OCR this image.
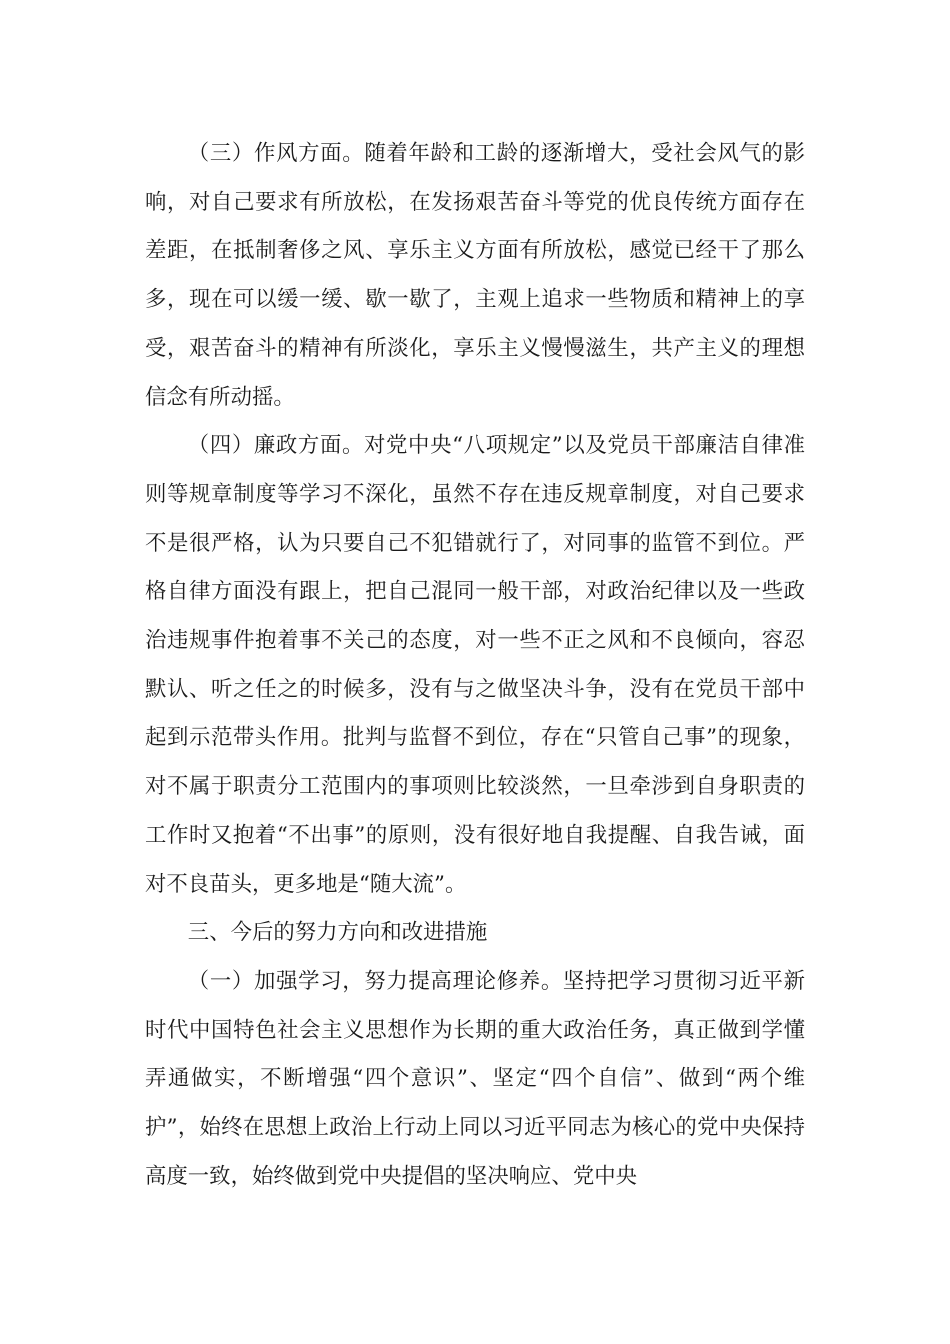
（三）作风方面。随着年龄和工龄的逐渐增大，受社会风气的影响，对自己要求有所放松，在发扬艰苦奋斗等党的优良传统方面存在差距，在抵制奢侈之风、享乐主义方面有所放松，感觉已经干了那么多，现在可以缓一缓、歇一歇了，主观上追求一些物质和精神上的享受，艰苦奋斗的精神有所淡化，享乐主义慢慢滋生，共产主义的理想信念有所动摇。

（四）廉政方面。对党中央“八项规定”以及党员干部廉洁自律准则等规章制度等学习不深化，虽然不存在违反规章制度，对自己要求不是很严格，认为只要自己不犯错就行了，对同事的监管不到位。严格自律方面没有跟上，把自己混同一般干部，对政治纪律以及一些政治违规事件抱着事不关己的态度，对一些不正之风和不良倾向，容忍默认、听之任之的时候多，没有与之做坚决斗争，没有在党员干部中起到示范带头作用。批判与监督不到位，存在“只管自己事”的现象，对不属于职责分工范围内的事项则比较淡然，一旦牵涉到自身职责的工作时又抱着“不出事”的原则，没有很好地自我提醒、自我告诫，面对不良苗头，更多地是“随大流”。

三、今后的努力方向和改进措施

（一）加强学习，努力提高理论修养。坚持把学习贯彻习近平新时代中国特色社会主义思想作为长期的重大政治任务，真正做到学懂弄通做实，不断增强“四个意识”、坚定“四个自信”、做到“两个维护”，始终在思想上政治上行动上同以习近平同志为核心的党中央保持高度一致，始终做到党中央提倡的坚决响应、党中央
